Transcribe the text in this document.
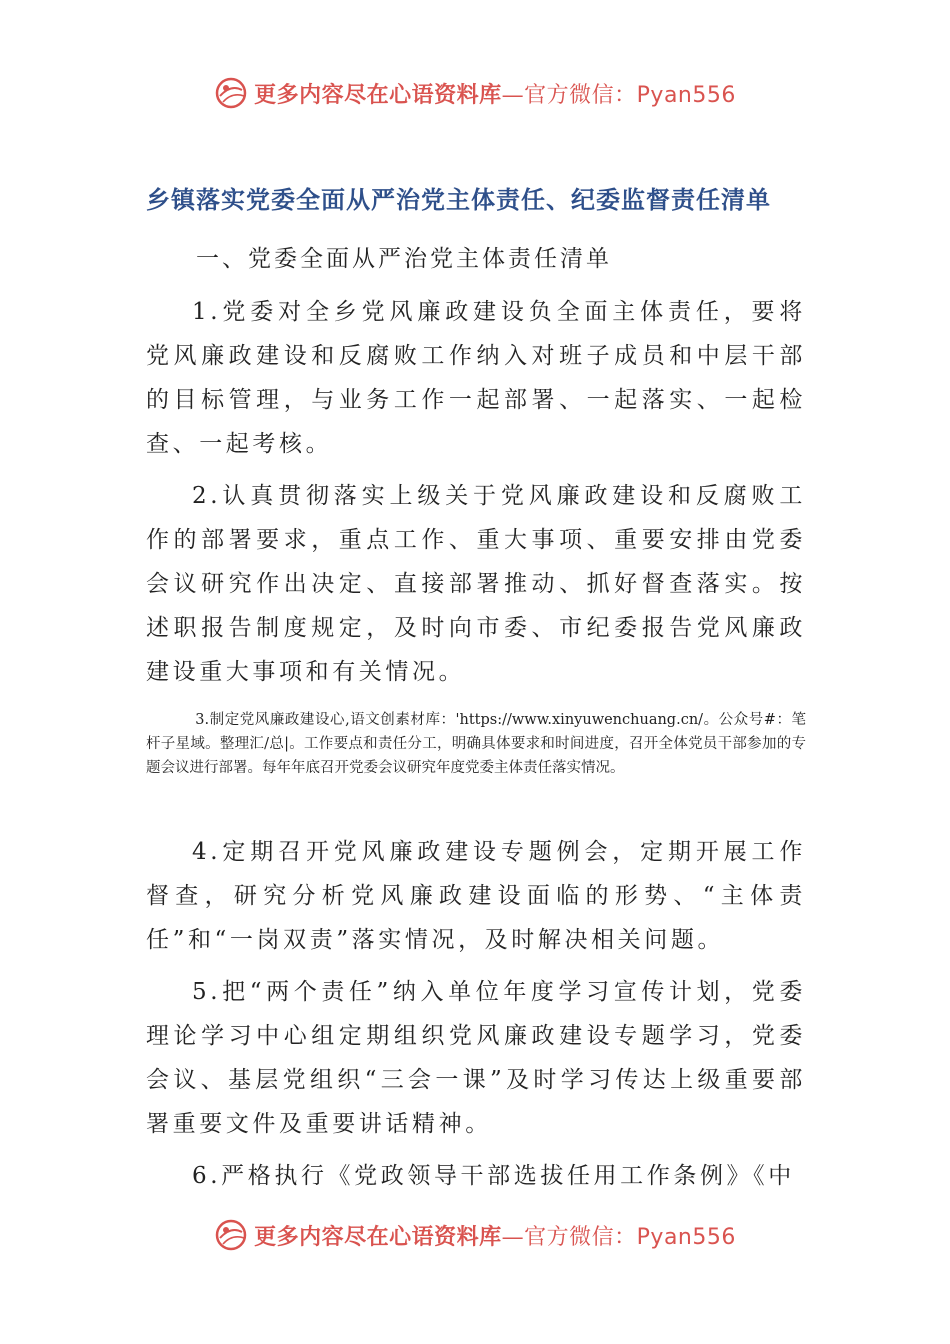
更多内容尽在心语资料库—官方微信：Pyan556
乡镇落实党委全面从严治党主体责任、纪委监督责任清单
一、党委全面从严治党主体责任清单

1.党委对全乡党风廉政建设负全面主体责任，要将党风廉政建设和反腐败工作纳入对班子成员和中层干部的目标管理，与业务工作一起部署、一起落实、一起检查、一起考核。

2.认真贯彻落实上级关于党风廉政建设和反腐败工作的部署要求，重点工作、重大事项、重要安排由党委会议研究作出决定、直接部署推动、抓好督查落实。按述职报告制度规定，及时向市委、市纪委报告党风廉政建设重大事项和有关情况。

3.制定党风廉政建设心,语文创素材库：'https://www.xinyuwenchuang.cn/。公众号#：笔杆子星域。整理汇/总|。工作要点和责任分工，明确具体要求和时间进度，召开全体党员干部参加的专题会议进行部署。每年年底召开党委会议研究年度党委主体责任落实情况。

4.定期召开党风廉政建设专题例会，定期开展工作督查，研究分析党风廉政建设面临的形势、“主体责任”和“一岗双责”落实情况，及时解决相关问题。

5.把“两个责任”纳入单位年度学习宣传计划，党委理论学习中心组定期组织党风廉政建设专题学习，党委会议、基层党组织“三会一课”及时学习传达上级重要部署重要文件及重要讲话精神。

6.严格执行《党政领导干部选拔任用工作条例》《中

更多内容尽在心语资料库—官方微信：Pyan556
